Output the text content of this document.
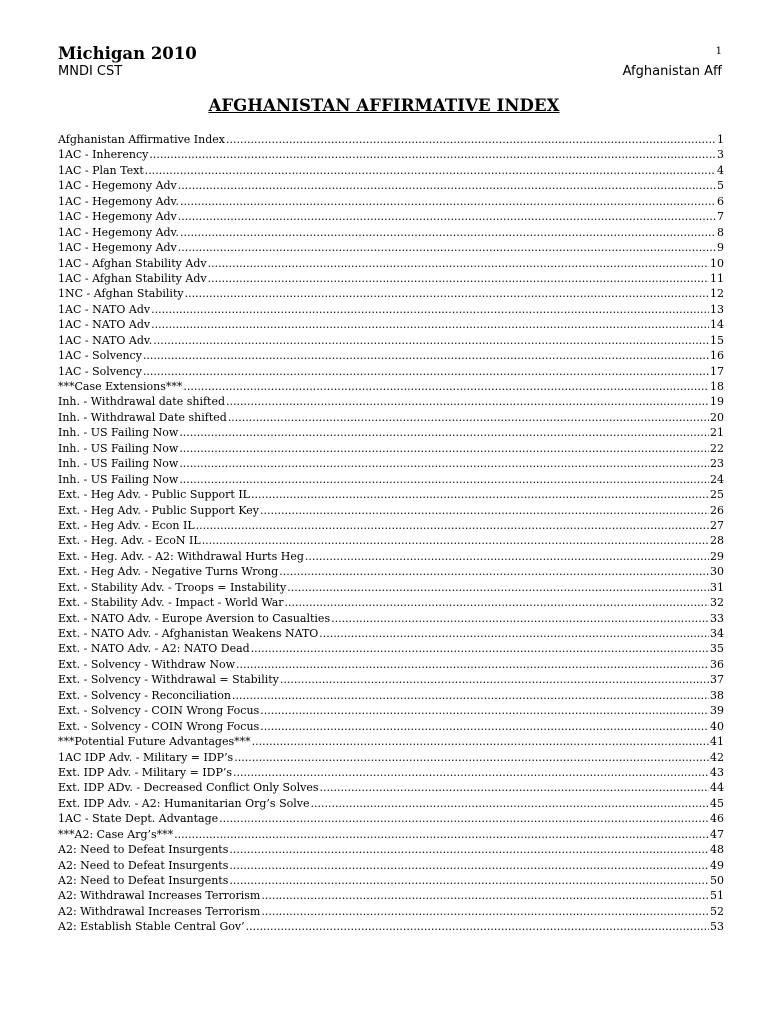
Michigan 2010
MNDI CST
1
Afghanistan Aff
AFGHANISTAN AFFIRMATIVE INDEX
Afghanistan Affirmative Index .....	1
1AC - Inherency .....	3
1AC - Plan Text .....	4
1AC - Hegemony Adv .....	5
1AC - Hegemony Adv. .....	6
1AC - Hegemony Adv .....	7
1AC - Hegemony Adv. .....	8
1AC - Hegemony Adv .....	9
1AC - Afghan Stability Adv .....	10
1AC - Afghan Stability Adv .....	11
1NC - Afghan Stability .....	12
1AC - NATO Adv .....	13
1AC - NATO Adv .....	14
1AC - NATO Adv. .....	15
1AC - Solvency .....	16
1AC - Solvency .....	17
***Case Extensions*** .....	18
Inh. - Withdrawal date shifted .....	19
Inh. - Withdrawal Date shifted .....	20
Inh. - US Failing Now .....	21
Inh. - US Failing Now .....	22
Inh. - US Failing Now .....	23
Inh. - US Failing Now .....	24
Ext. - Heg Adv. - Public Support IL .....	25
Ext. - Heg Adv. - Public Support Key .....	26
Ext. - Heg Adv. - Econ IL .....	27
Ext. - Heg. Adv. - EcoN IL .....	28
Ext. - Heg. Adv. - A2: Withdrawal Hurts Heg .....	29
Ext. - Heg Adv. - Negative Turns Wrong .....	30
Ext. - Stability Adv. - Troops = Instability .....	31
Ext. - Stability Adv. - Impact - World War .....	32
Ext. - NATO Adv. - Europe Aversion to Casualties .....	33
Ext. - NATO Adv. - Afghanistan Weakens NATO .....	34
Ext. - NATO Adv. - A2: NATO Dead .....	35
Ext. - Solvency - Withdraw Now .....	36
Ext. - Solvency - Withdrawal = Stability .....	37
Ext. - Solvency - Reconciliation .....	38
Ext. - Solvency - COIN Wrong Focus .....	39
Ext. - Solvency - COIN Wrong Focus .....	40
***Potential Future Advantages*** .....	41
1AC IDP Adv. - Military = IDP’s .....	42
Ext. IDP Adv. - Military = IDP’s .....	43
Ext. IDP ADv. - Decreased Conflict Only Solves .....	44
Ext. IDP Adv. - A2: Humanitarian Org’s Solve .....	45
1AC - State Dept. Advantage .....	46
***A2: Case Arg’s*** .....	47
A2: Need to Defeat Insurgents .....	48
A2: Need to Defeat Insurgents .....	49
A2: Need to Defeat Insurgents .....	50
A2: Withdrawal Increases Terrorism .....	51
A2: Withdrawal Increases Terrorism .....	52
A2: Establish Stable Central Gov’ .....	53
